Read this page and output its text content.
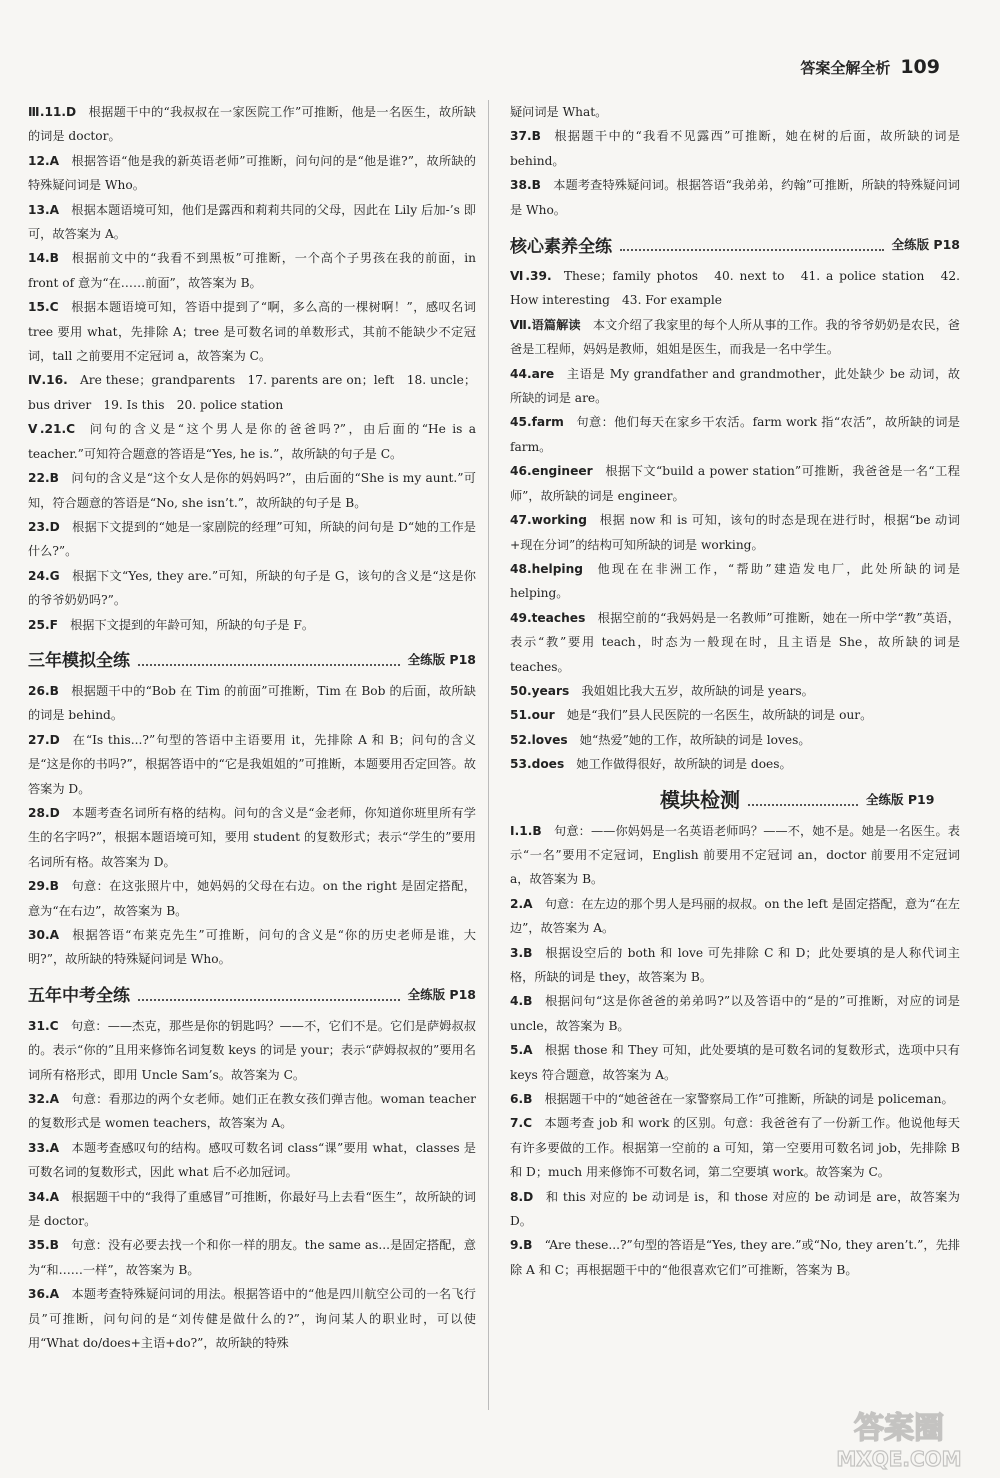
答案全解全析 109
Ⅲ.11.D  根据题干中的“我叔叔在一家医院工作”可推断，他是一名医生，故所缺的词是 doctor。
12.A  根据答语“他是我的新英语老师”可推断，问句问的是“他是谁?”，故所缺的特殊疑问词是 Who。
13.A  根据本题语境可知，他们是露西和莉莉共同的父母，因此在 Lily 后加-’s 即可，故答案为 A。
14.B  根据前文中的“我看不到黑板”可推断，一个高个子男孩在我的前面，in front of 意为“在……前面”，故答案为 B。
15.C  根据本题语境可知，答语中提到了“啊，多么高的一棵树啊！”，感叹名词 tree 要用 what，先排除 A；tree 是可数名词的单数形式，其前不能缺少不定冠词，tall 之前要用不定冠词 a，故答案为 C。
Ⅳ.16.  Are these；grandparents　17. parents are on；left　18. uncle；bus driver　19. Is this　20. police station
Ⅴ.21.C  问句的含义是“这个男人是你的爸爸吗?”，由后面的“He is a teacher.”可知符合题意的答语是“Yes, he is.”，故所缺的句子是 C。
22.B  问句的含义是“这个女人是你的妈妈吗?”，由后面的“She is my aunt.”可知，符合题意的答语是“No, she isn’t.”，故所缺的句子是 B。
23.D  根据下文提到的“她是一家剧院的经理”可知，所缺的问句是 D“她的工作是什么?”。
24.G  根据下文“Yes, they are.”可知，所缺的句子是 G，该句的含义是“这是你的爷爷奶奶吗?”。
25.F  根据下文提到的年龄可知，所缺的句子是 F。
三年模拟全练	全练版 P18
26.B  根据题干中的“Bob 在 Tim 的前面”可推断，Tim 在 Bob 的后面，故所缺的词是 behind。
27.D  在“Is this...?”句型的答语中主语要用 it，先排除 A 和 B；问句的含义是“这是你的书吗?”，根据答语中的“它是我姐姐的”可推断，本题要用否定回答。故答案为 D。
28.D  本题考查名词所有格的结构。问句的含义是“金老师，你知道你班里所有学生的名字吗?”，根据本题语境可知，要用 student 的复数形式；表示“学生的”要用名词所有格。故答案为 D。
29.B  句意：在这张照片中，她妈妈的父母在右边。on the right 是固定搭配，意为“在右边”，故答案为 B。
30.A  根据答语“布莱克先生”可推断，问句的含义是“你的历史老师是谁，大明?”，故所缺的特殊疑问词是 Who。
五年中考全练	全练版 P18
31.C  句意：——杰克，那些是你的钥匙吗？——不，它们不是。它们是萨姆叔叔的。表示“你的”且用来修饰名词复数 keys 的词是 your；表示“萨姆叔叔的”要用名词所有格形式，即用 Uncle Sam’s。故答案为 C。
32.A  句意：看那边的两个女老师。她们正在教女孩们弹吉他。woman teacher 的复数形式是 women teachers，故答案为 A。
33.A  本题考查感叹句的结构。感叹可数名词 class“课”要用 what，classes 是可数名词的复数形式，因此 what 后不必加冠词。
34.A  根据题干中的“我得了重感冒”可推断，你最好马上去看“医生”，故所缺的词是 doctor。
35.B  句意：没有必要去找一个和你一样的朋友。the same as...是固定搭配，意为“和……一样”，故答案为 B。
36.A  本题考查特殊疑问词的用法。根据答语中的“他是四川航空公司的一名飞行员”可推断，问句问的是“刘传健是做什么的?”，询问某人的职业时，可以使用“What do/does+主语+do?”，故所缺的特殊
疑问词是 What。
37.B  根据题干中的“我看不见露西”可推断，她在树的后面，故所缺的词是 behind。
38.B  本题考查特殊疑问词。根据答语“我弟弟，约翰”可推断，所缺的特殊疑问词是 Who。
核心素养全练	全练版 P18
Ⅵ.39.  These；family photos　40. next to　41. a police station　42. How interesting　43. For example
Ⅶ.语篇解读  本文介绍了我家里的每个人所从事的工作。我的爷爷奶奶是农民，爸爸是工程师，妈妈是教师，姐姐是医生，而我是一名中学生。
44.are  主语是 My grandfather and grandmother，此处缺少 be 动词，故所缺的词是 are。
45.farm  句意：他们每天在家乡干农活。farm work 指“农活”，故所缺的词是 farm。
46.engineer  根据下文“build a power station”可推断，我爸爸是一名“工程师”，故所缺的词是 engineer。
47.working  根据 now 和 is 可知，该句的时态是现在进行时，根据“be 动词+现在分词”的结构可知所缺的词是 working。
48.helping  他现在在非洲工作，“帮助”建造发电厂，此处所缺的词是 helping。
49.teaches  根据空前的“我妈妈是一名教师”可推断，她在一所中学“教”英语，表示“教”要用 teach，时态为一般现在时，且主语是 She，故所缺的词是 teaches。
50.years  我姐姐比我大五岁，故所缺的词是 years。
51.our  她是“我们”县人民医院的一名医生，故所缺的词是 our。
52.loves  她“热爱”她的工作，故所缺的词是 loves。
53.does  她工作做得很好，故所缺的词是 does。
模块检测	全练版 P19
Ⅰ.1.B  句意：——你妈妈是一名英语老师吗？——不，她不是。她是一名医生。表示“一名”要用不定冠词，English 前要用不定冠词 an，doctor 前要用不定冠词 a，故答案为 B。
2.A  句意：在左边的那个男人是玛丽的叔叔。on the left 是固定搭配，意为“在左边”，故答案为 A。
3.B  根据设空后的 both 和 love 可先排除 C 和 D；此处要填的是人称代词主格，所缺的词是 they，故答案为 B。
4.B  根据问句“这是你爸爸的弟弟吗?”以及答语中的“是的”可推断，对应的词是 uncle，故答案为 B。
5.A  根据 those 和 They 可知，此处要填的是可数名词的复数形式，选项中只有 keys 符合题意，故答案为 A。
6.B  根据题干中的“她爸爸在一家警察局工作”可推断，所缺的词是 policeman。
7.C  本题考查 job 和 work 的区别。句意：我爸爸有了一份新工作。他说他每天有许多要做的工作。根据第一空前的 a 可知，第一空要用可数名词 job，先排除 B 和 D；much 用来修饰不可数名词，第二空要填 work。故答案为 C。
8.D  和 this 对应的 be 动词是 is，和 those 对应的 be 动词是 are，故答案为 D。
9.B  “Are these...?”句型的答语是“Yes, they are.”或“No, they aren’t.”，先排除 A 和 C；再根据题干中的“他很喜欢它们”可推断，答案为 B。
答案圈
MXQE.COM
